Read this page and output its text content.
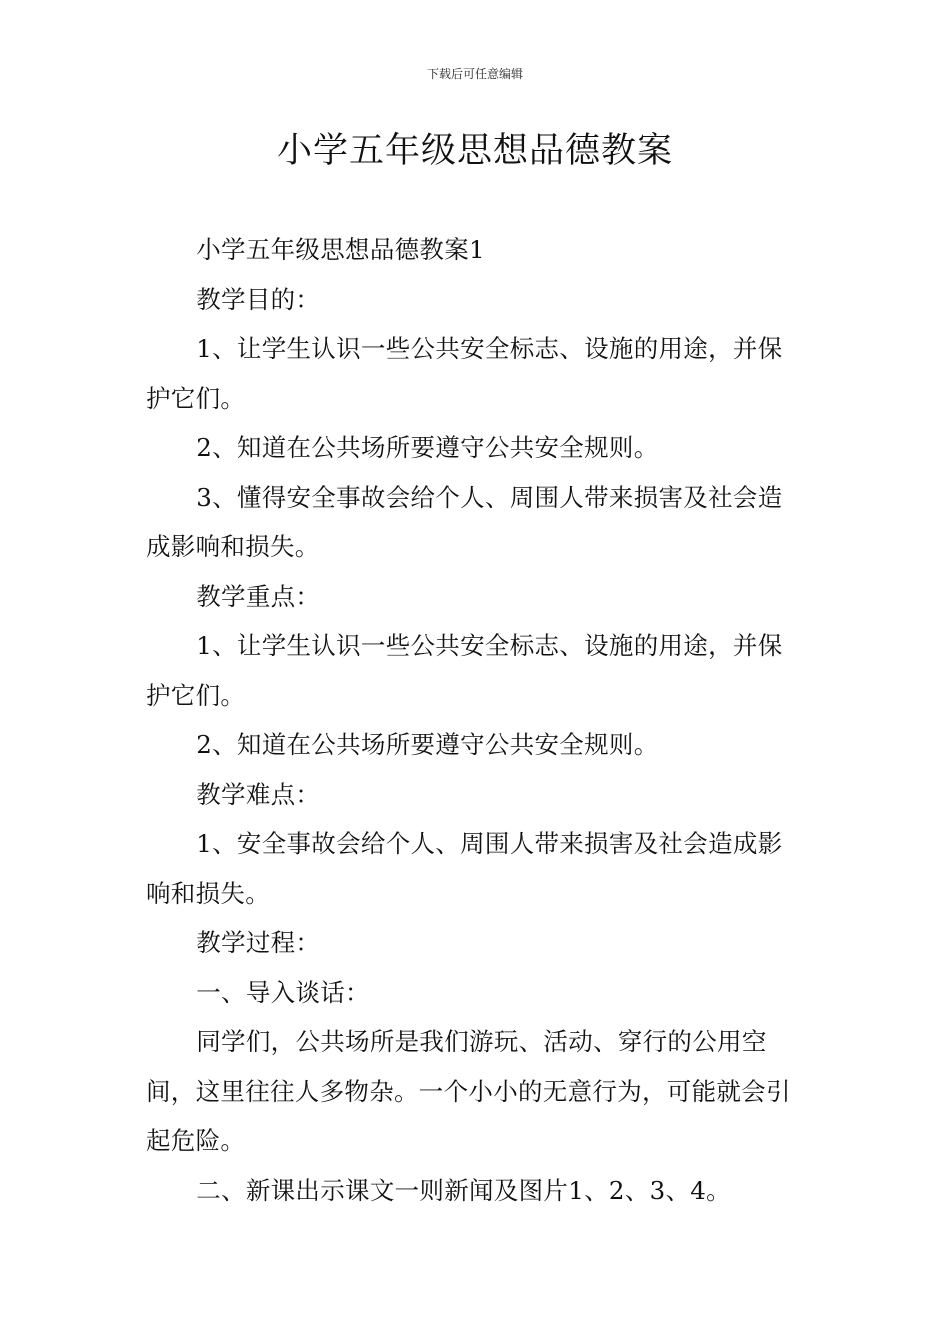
下载后可任意编辑
小学五年级思想品德教案

小学五年级思想品德教案1

教学目的：

1、让学生认识一些公共安全标志、设施的用途，并保护它们。

2、知道在公共场所要遵守公共安全规则。

3、懂得安全事故会给个人、周围人带来损害及社会造成影响和损失。

教学重点：

1、让学生认识一些公共安全标志、设施的用途，并保护它们。

2、知道在公共场所要遵守公共安全规则。

教学难点：

1、安全事故会给个人、周围人带来损害及社会造成影响和损失。

教学过程：

一、导入谈话：

同学们，公共场所是我们游玩、活动、穿行的公用空间，这里往往人多物杂。一个小小的无意行为，可能就会引起危险。

二、新课出示课文一则新闻及图片1、2、3、4。
